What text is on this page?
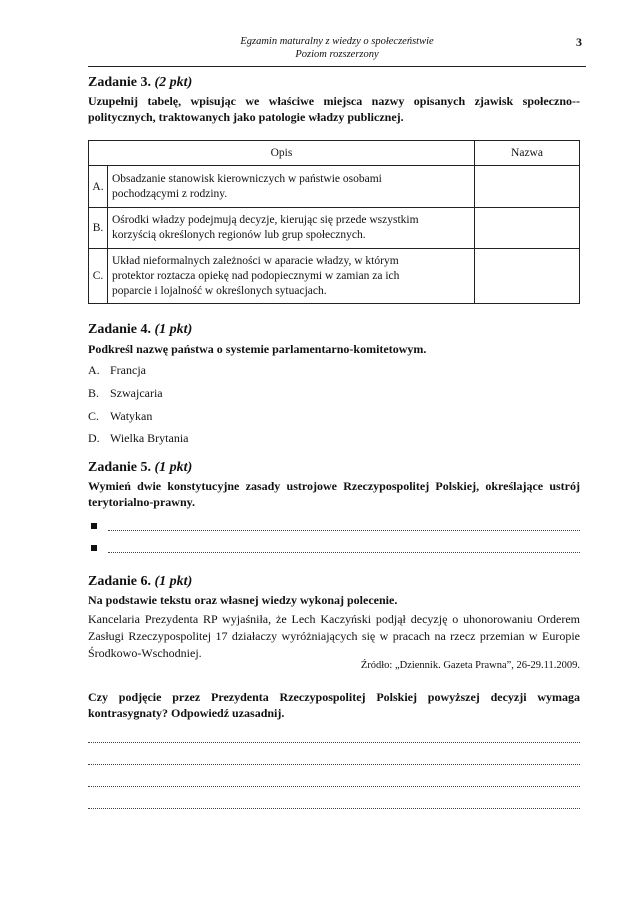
Egzamin maturalny z wiedzy o społeczeństwie
Poziom rozszerzony
3
Zadanie 3. (2 pkt)
Uzupełnij tabelę, wpisując we właściwe miejsca nazwy opisanych zjawisk społeczno--politycznych, traktowanych jako patologie władzy publicznej.
Opis		Nazwa
A.	Obsadzanie stanowisk kierowniczych w państwie osobami
pochodzącymi z rodziny.	

B.	Ośrodki władzy podejmują decyzje, kierując się przede wszystkim
korzyścią określonych regionów lub grup społecznych.	

C.	Układ nieformalnych zależności w aparacie władzy, w którym
protektor roztacza opiekę nad podopiecznymi w zamian za ich
poparcie i lojalność w określonych sytuacjach.	

Zadanie 4. (1 pkt)
Podkreśl nazwę państwa o systemie parlamentarno-komitetowym.
A. Francja
B. Szwajcaria
C. Watykan
D. Wielka Brytania
Zadanie 5. (1 pkt)
Wymień dwie konstytucyjne zasady ustrojowe Rzeczypospolitej Polskiej, określające ustrój terytorialno-prawny.
Zadanie 6. (1 pkt)
Na podstawie tekstu oraz własnej wiedzy wykonaj polecenie.
Kancelaria Prezydenta RP wyjaśniła, że Lech Kaczyński podjął decyzję o uhonorowaniu Orderem Zasługi Rzeczypospolitej 17 działaczy wyróżniających się w pracach na rzecz przemian w Europie Środkowo-Wschodniej.
Źródło: „Dziennik. Gazeta Prawna”, 26-29.11.2009.
Czy podjęcie przez Prezydenta Rzeczypospolitej Polskiej powyższej decyzji wymaga kontrasygnaty? Odpowiedź uzasadnij.
